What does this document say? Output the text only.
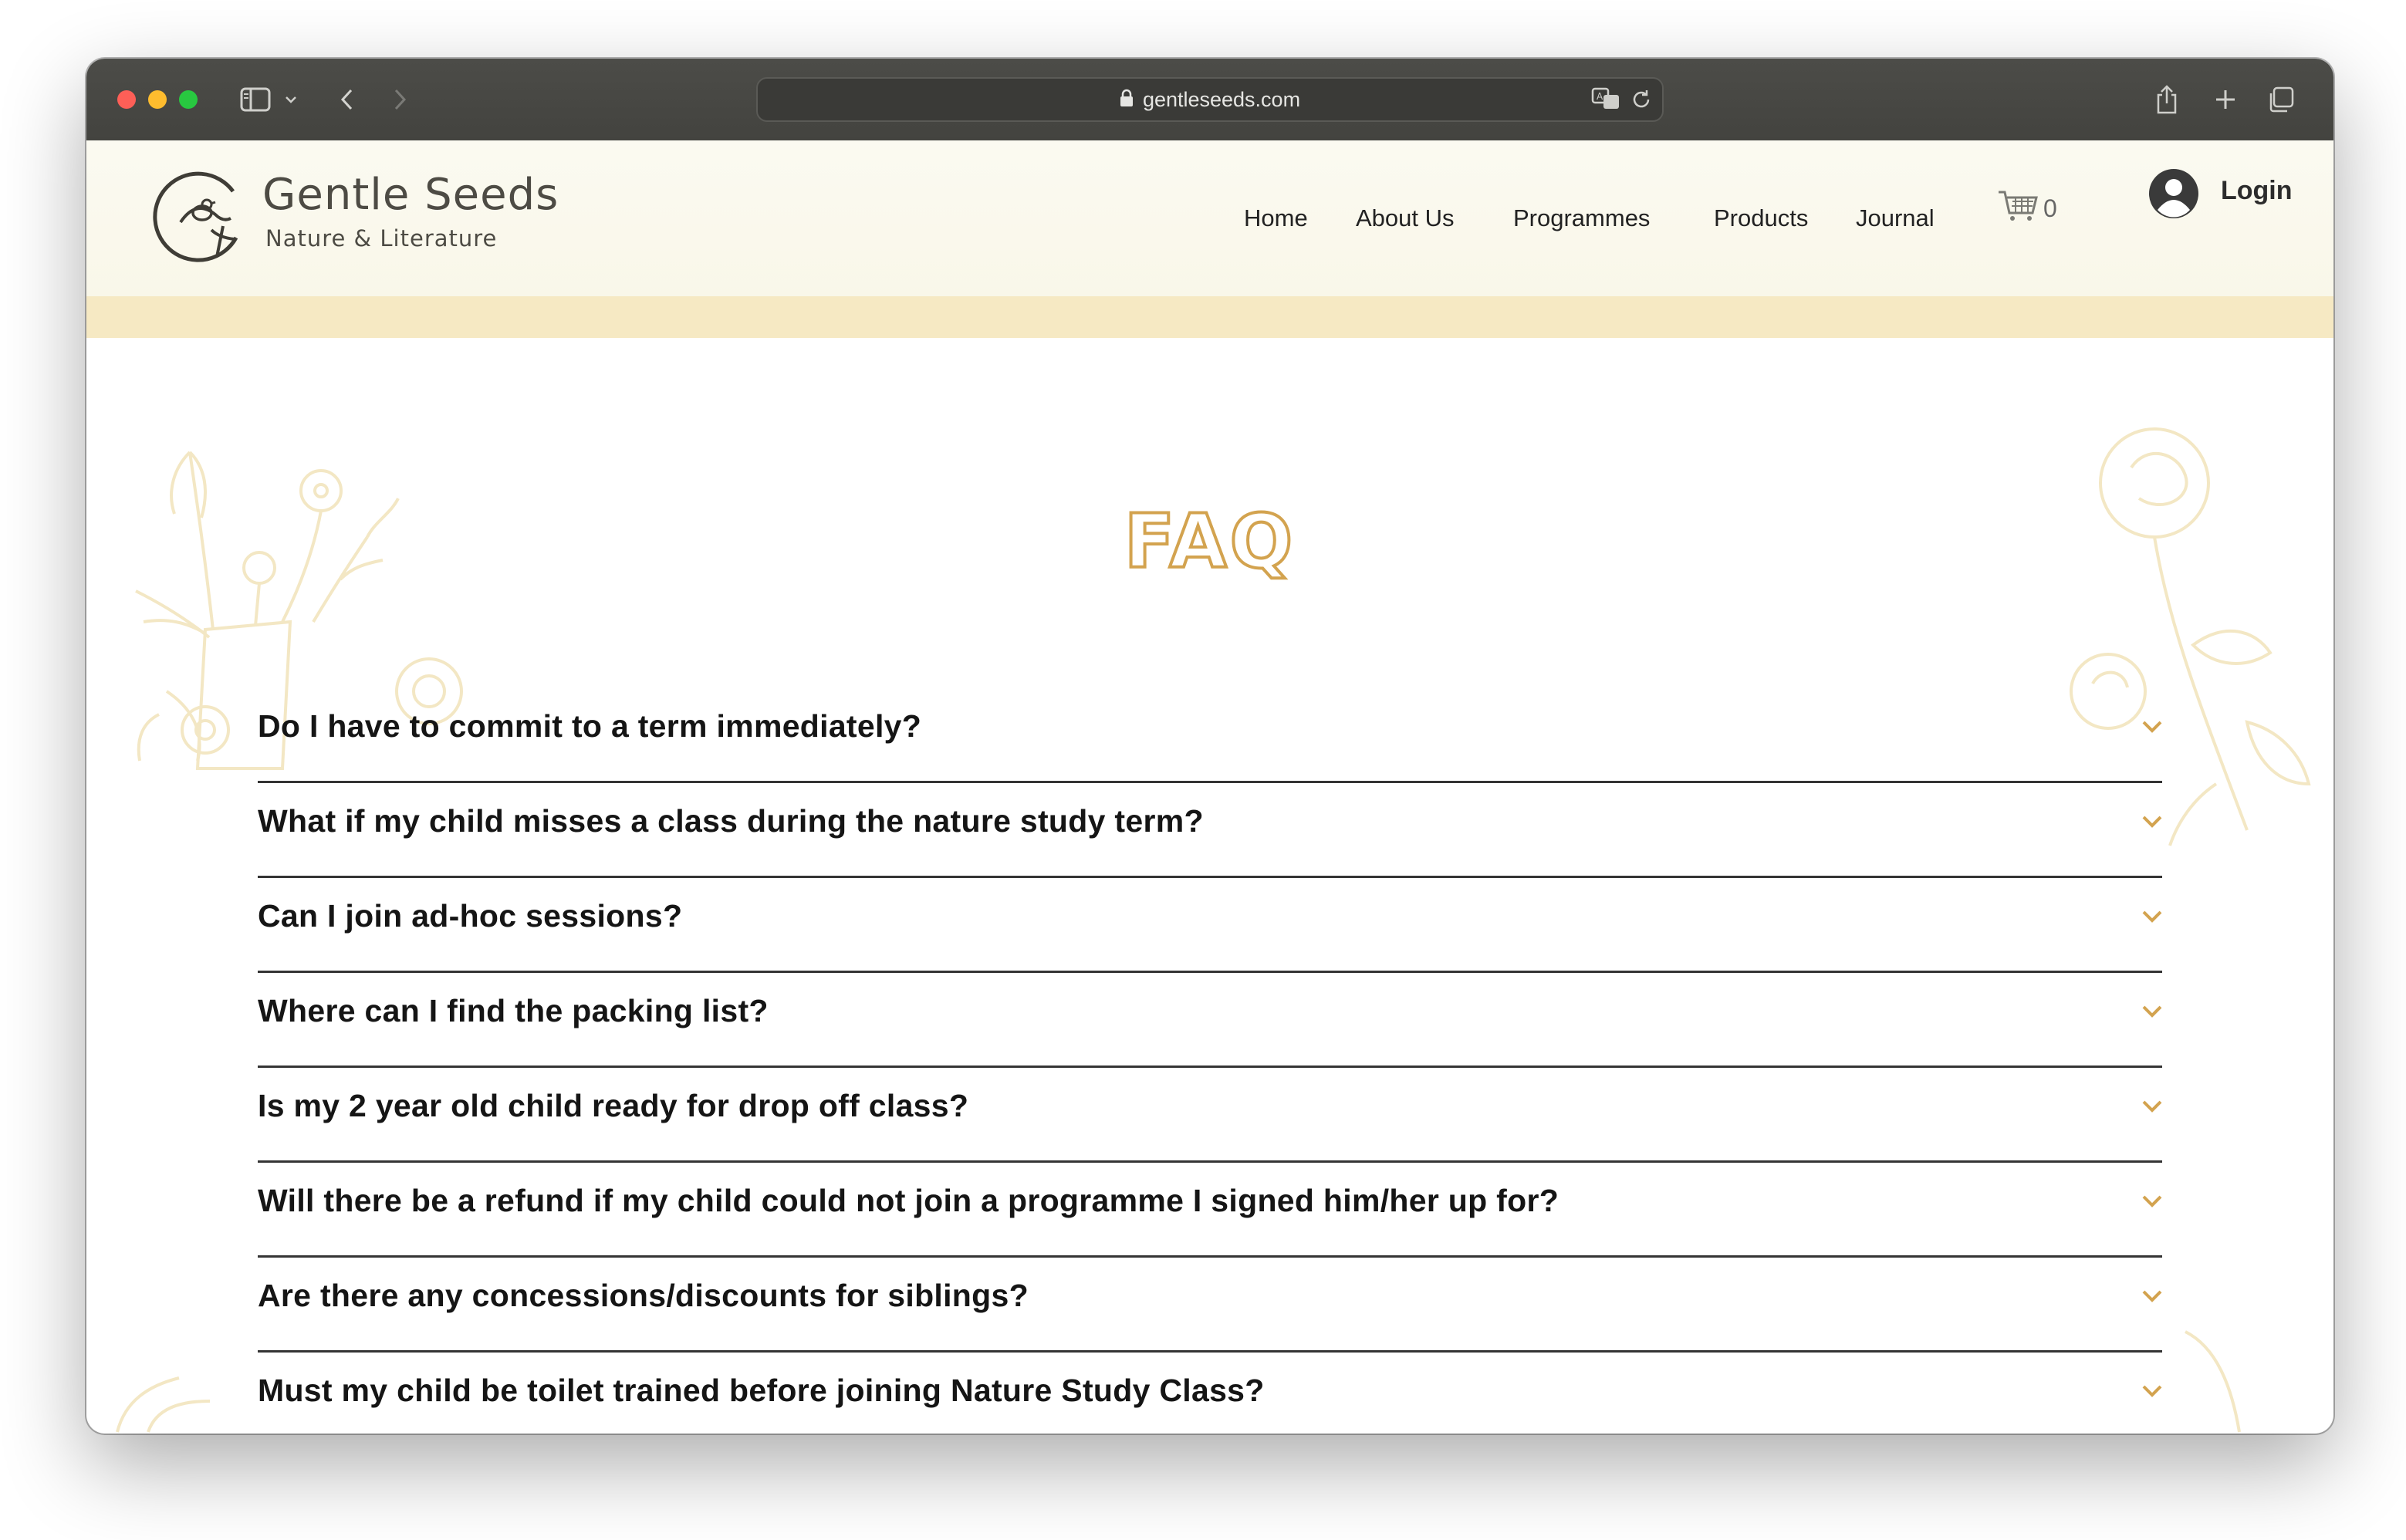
gentleseeds.com	A
Gentle Seeds
Nature & Literature
Home About Us Programmes	Products Journal	0
Login
FAQ
Do I have to commit to a term immediately?
What if my child misses a class during the nature study term?
Can I join ad-hoc sessions?
Where can I find the packing list?
Is my 2 year old child ready for drop off class?
Will there be a refund if my child could not join a programme I signed him/her up for?
Are there any concessions/discounts for siblings?
Must my child be toilet trained before joining Nature Study Class?
